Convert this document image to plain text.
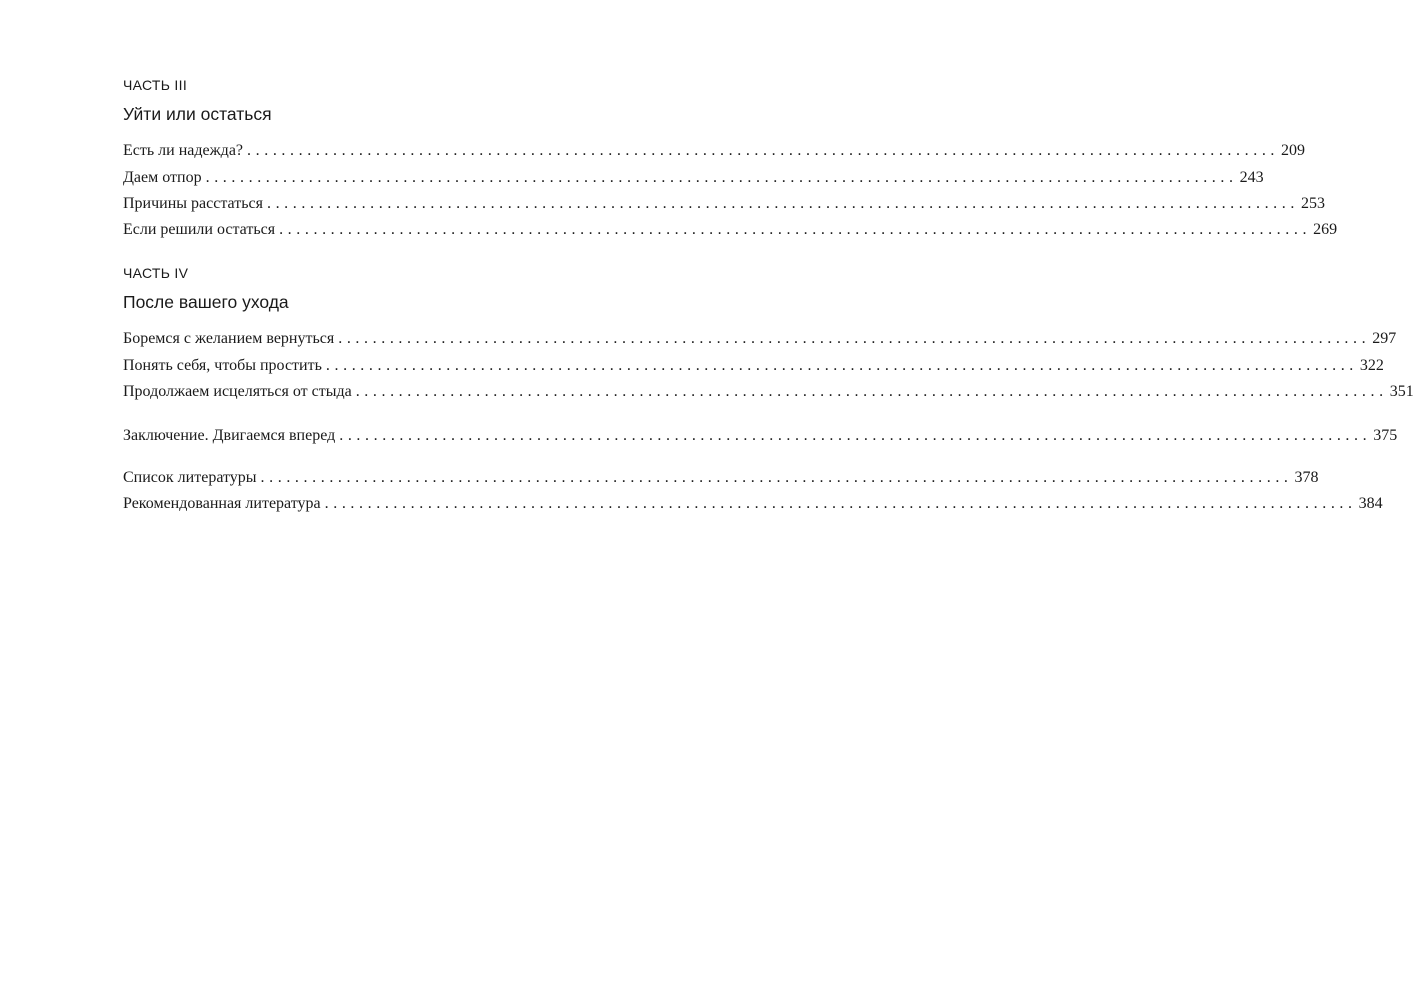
ЧАСТЬ III
Уйти или остаться
Есть ли надежда? ........................................................................................................................ 209
Даем отпор ........................................................................................................................ 243
Причины расстаться ........................................................................................................................ 253
Если решили остаться ........................................................................................................................ 269
ЧАСТЬ IV
После вашего ухода
Боремся с желанием вернуться ........................................................................................................................ 297
Понять себя, чтобы простить ........................................................................................................................ 322
Продолжаем исцеляться от стыда ........................................................................................................................ 351
Заключение. Двигаемся вперед ........................................................................................................................ 375
Список литературы ........................................................................................................................ 378
Рекомендованная литература ........................................................................................................................ 384
